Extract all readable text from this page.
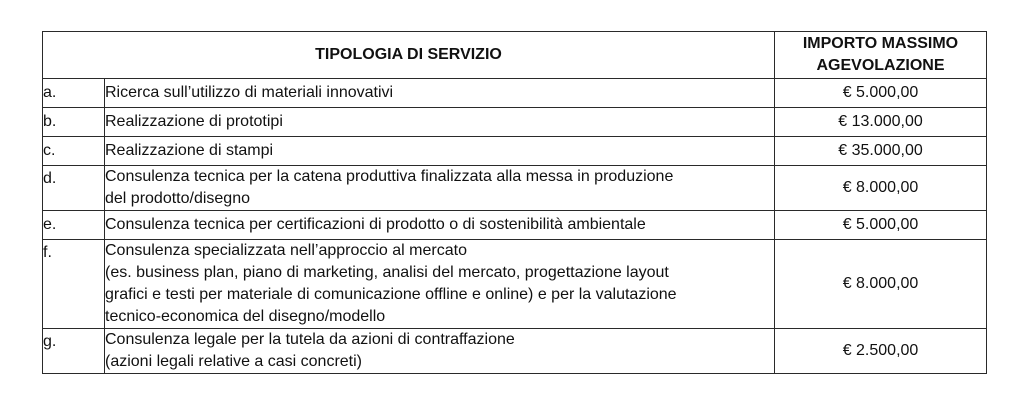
TIPOLOGIA DI SERVIZIO		IMPORTO MASSIMO
AGEVOLAZIONE

a.	Ricerca sull’utilizzo di materiali innovativi	€ 5.000,00
b.	Realizzazione di prototipi	€ 13.000,00
c.	Realizzazione di stampi	€ 35.000,00
d.	Consulenza tecnica per la catena produttiva finalizzata alla messa in produzione
del prodotto/disegno	€ 8.000,00
e.	Consulenza tecnica per certificazioni di prodotto o di sostenibilità ambientale	€ 5.000,00
f.	Consulenza specializzata nell’approccio al mercato
(es. business plan, piano di marketing, analisi del mercato, progettazione layout
grafici e testi per materiale di comunicazione offline e online) e per la valutazione
tecnico-economica del disegno/modello	€ 8.000,00
g.	Consulenza legale per la tutela da azioni di contraffazione
(azioni legali relative a casi concreti)	€ 2.500,00
